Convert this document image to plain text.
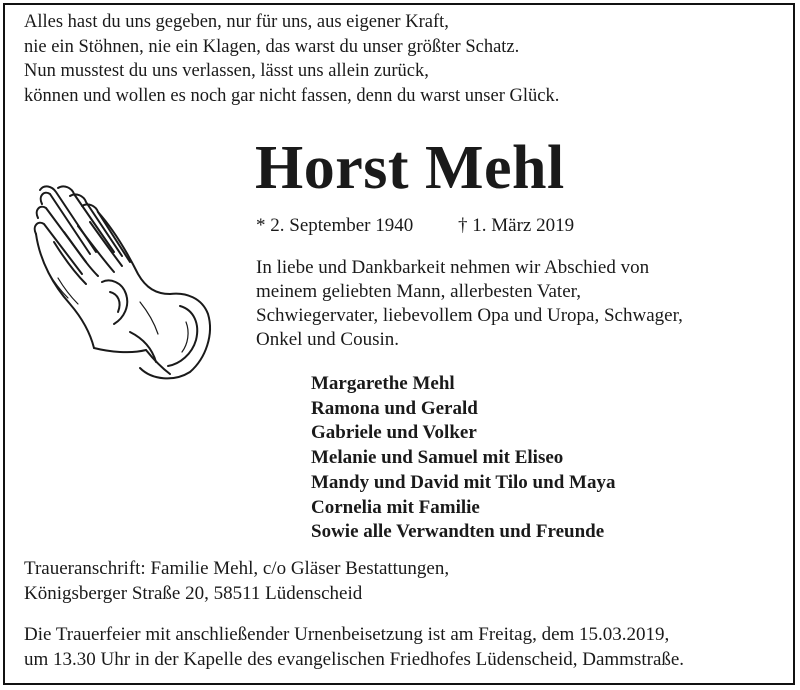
Alles hast du uns gegeben, nur für uns, aus eigener Kraft,
nie ein Stöhnen, nie ein Klagen, das warst du unser größter Schatz.
Nun musstest du uns verlassen, lässt uns allein zurück,
können und wollen es noch gar nicht fassen, denn du warst unser Glück.
Horst Mehl
* 2. September 1940 † 1. März 2019
In liebe und Dankbarkeit nehmen wir Abschied von
meinem geliebten Mann, allerbesten Vater,
Schwiegervater, liebevollem Opa und Uropa, Schwager,
Onkel und Cousin.
Margarethe Mehl
Ramona und Gerald
Gabriele und Volker
Melanie und Samuel mit Eliseo
Mandy und David mit Tilo und Maya
Cornelia mit Familie
Sowie alle Verwandten und Freunde
Traueranschrift: Familie Mehl, c/o Gläser Bestattungen,
Königsberger Straße 20, 58511 Lüdenscheid
Die Trauerfeier mit anschließender Urnenbeisetzung ist am Freitag, dem 15.03.2019,
um 13.30 Uhr in der Kapelle des evangelischen Friedhofes Lüdenscheid, Dammstraße.
